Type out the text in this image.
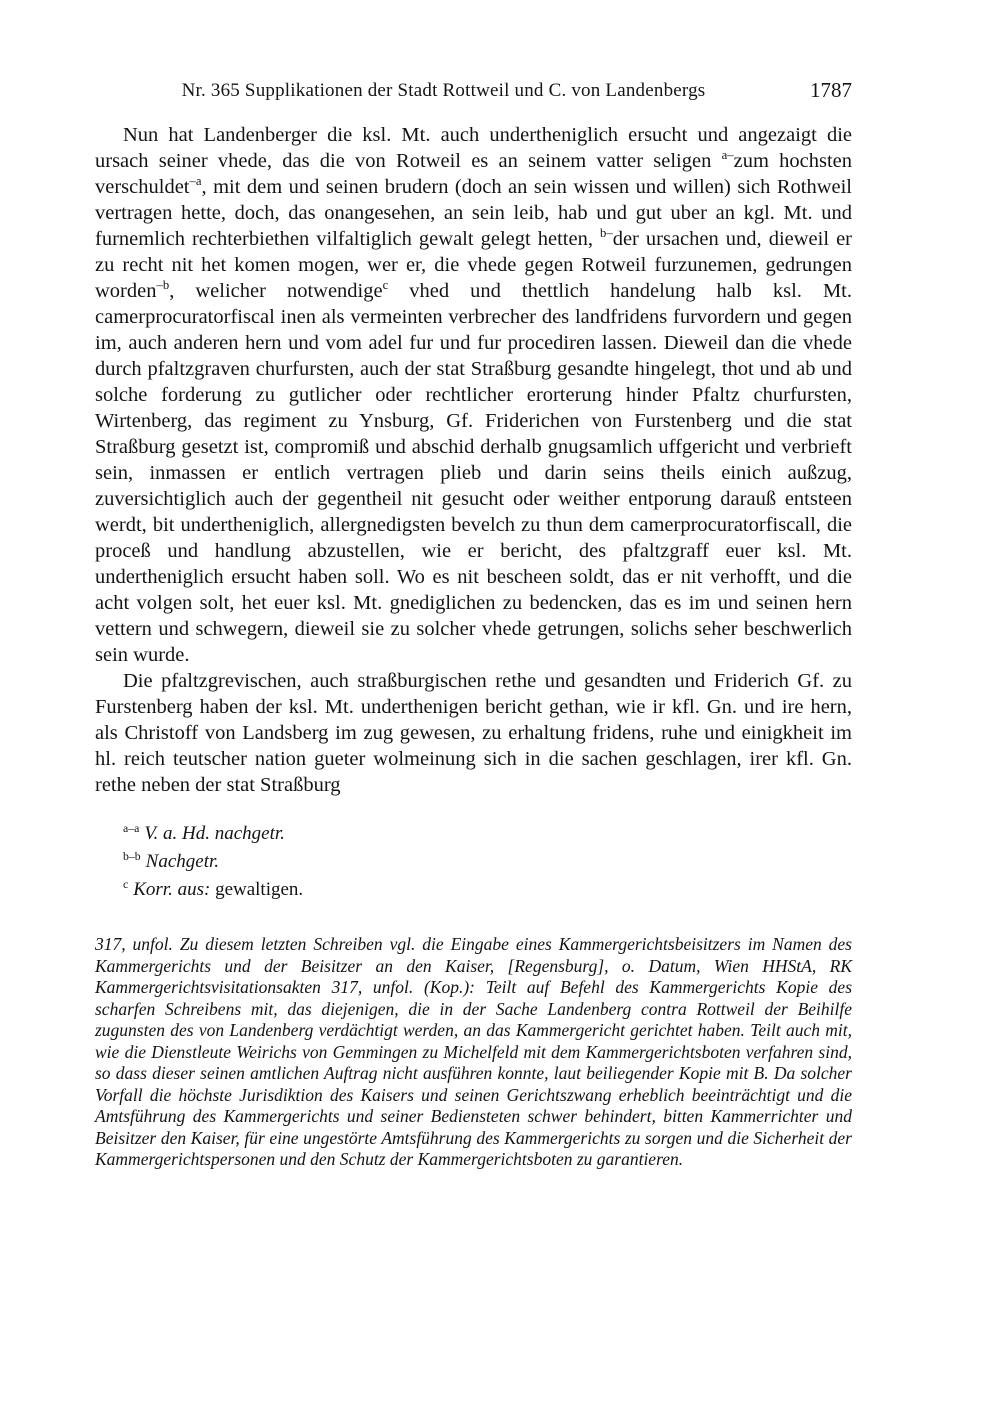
Nr. 365 Supplikationen der Stadt Rottweil und C. von Landenbergs	1787

Nun hat Landenberger die ksl. Mt. auch undertheniglich ersucht und angezaigt die ursach seiner vhede, das die von Rotweil es an seinem vatter seligen $^{a-}$zum hochsten verschuldet$^{-a}$, mit dem und seinen brudern (doch an sein wissen und willen) sich Rothweil vertragen hette, doch, das onangesehen, an sein leib, hab und gut uber an kgl. Mt. und furnemlich rechterbiethen vilfaltiglich gewalt gelegt hetten, $^{b-}$der ursachen und, dieweil er zu recht nit het komen mogen, wer er, die vhede gegen Rotweil furzunemen, gedrungen worden$^{-b}$, welicher notwendige$^c$ vhed und thettlich handelung halb ksl. Mt. camerprocuratorfiscal inen als vermeinten verbrecher des landfridens furvordern und gegen im, auch anderen hern und vom adel fur und fur procediren lassen. Dieweil dan die vhede durch pfaltzgraven churfursten, auch der stat Straßburg gesandte hingelegt, thot und ab und solche forderung zu gutlicher oder rechtlicher erorterung hinder Pfaltz churfursten, Wirtenberg, das regiment zu Ynsburg, Gf. Friderichen von Furstenberg und die stat Straßburg gesetzt ist, compromiß und abschid derhalb gnugsamlich uffgericht und verbrieft sein, inmassen er entlich vertragen plieb und darin seins theils einich außzug, zuversichtiglich auch der gegentheil nit gesucht oder weither entporung darauß entsteen werdt, bit undertheniglich, allergnedigsten bevelch zu thun dem camerprocuratorfiscall, die proceß und handlung abzustellen, wie er bericht, des pfaltzgraff euer ksl. Mt. undertheniglich ersucht haben soll. Wo es nit bescheen soldt, das er nit verhofft, und die acht volgen solt, het euer ksl. Mt. gnediglichen zu bedencken, das es im und seinen hern vettern und schwegern, dieweil sie zu solcher vhede getrungen, solichs seher beschwerlich sein wurde.

Die pfaltzgrevischen, auch straßburgischen rethe und gesandten und Friderich Gf. zu Furstenberg haben der ksl. Mt. underthenigen bericht gethan, wie ir kfl. Gn. und ire hern, als Christoff von Landsberg im zug gewesen, zu erhaltung fridens, ruhe und einigkheit im hl. reich teutscher nation gueter wolmeinung sich in die sachen geschlagen, irer kfl. Gn. rethe neben der stat Straßburg

$^{a-a}$ V. a. Hd. nachgetr.

$^{b-b}$ Nachgetr.

$^c$ Korr. aus: gewaltigen.

317, unfol. Zu diesem letzten Schreiben vgl. die Eingabe eines Kammergerichtsbeisitzers im Namen des Kammergerichts und der Beisitzer an den Kaiser, [Regensburg], o. Datum, Wien HHStA, RK Kammergerichtsvisitationsakten 317, unfol. (Kop.): Teilt auf Befehl des Kammergerichts Kopie des scharfen Schreibens mit, das diejenigen, die in der Sache Landenberg contra Rottweil der Beihilfe zugunsten des von Landenberg verdächtigt werden, an das Kammergericht gerichtet haben. Teilt auch mit, wie die Dienstleute Weirichs von Gemmingen zu Michelfeld mit dem Kammergerichtsboten verfahren sind, so dass dieser seinen amtlichen Auftrag nicht ausführen konnte, laut beiliegender Kopie mit B. Da solcher Vorfall die höchste Jurisdiktion des Kaisers und seinen Gerichtszwang erheblich beeinträchtigt und die Amtsführung des Kammergerichts und seiner Bediensteten schwer behindert, bitten Kammerrichter und Beisitzer den Kaiser, für eine ungestörte Amtsführung des Kammergerichts zu sorgen und die Sicherheit der Kammergerichtspersonen und den Schutz der Kammergerichtsboten zu garantieren.
